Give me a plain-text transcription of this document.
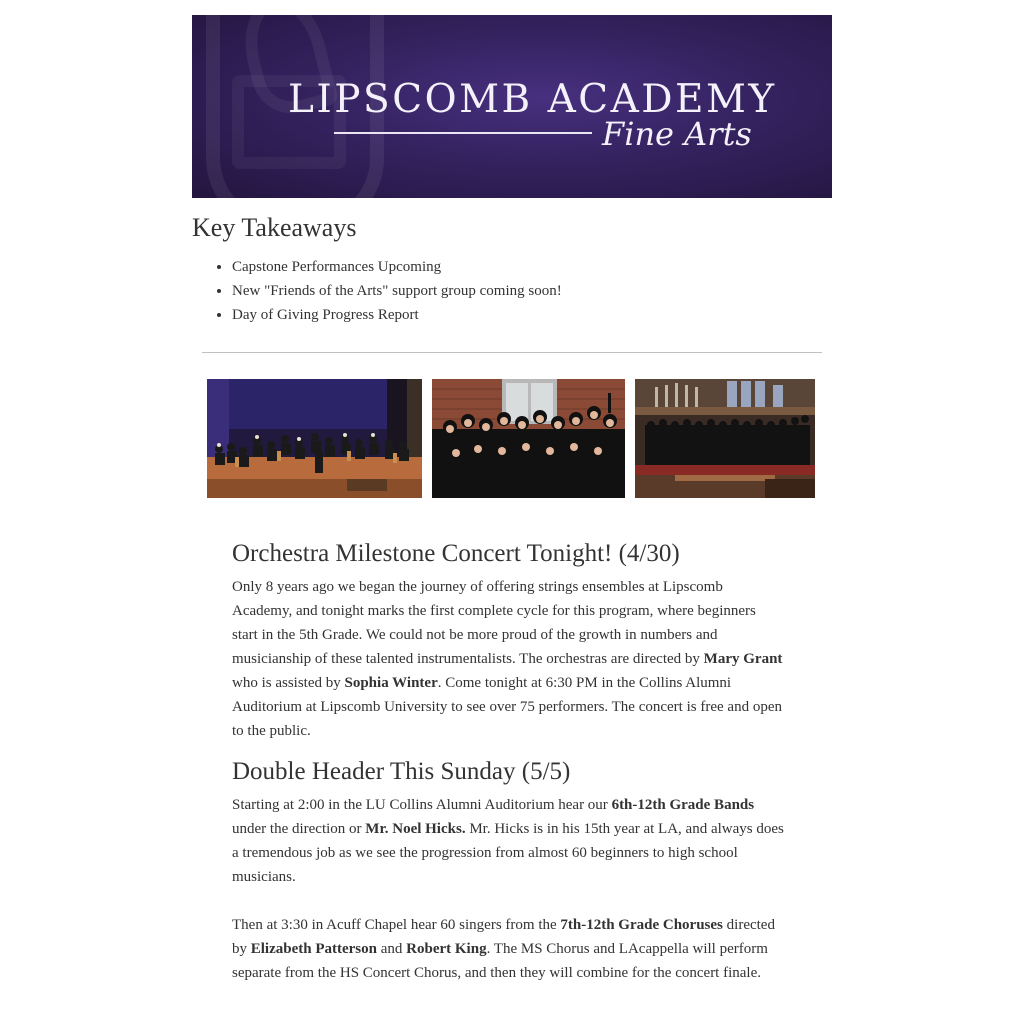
LIPSCOMB ACADEMY
Fine Arts
Key Takeaways
• Capstone Performances Upcoming
• New "Friends of the Arts" support group coming soon!
• Day of Giving Progress Report
Orchestra Milestone Concert Tonight! (4/30)

Only 8 years ago we began the journey of offering strings ensembles at Lipscomb Academy, and tonight marks the first complete cycle for this program, where beginners start in the 5th Grade. We could not be more proud of the growth in numbers and musicianship of these talented instrumentalists. The orchestras are directed by Mary Grant who is assisted by Sophia Winter. Come tonight at 6:30 PM in the Collins Alumni Auditorium at Lipscomb University to see over 75 performers. The concert is free and open to the public.

Double Header This Sunday (5/5)

Starting at 2:00 in the LU Collins Alumni Auditorium hear our 6th-12th Grade Bands under the direction or Mr. Noel Hicks. Mr. Hicks is in his 15th year at LA, and always does a tremendous job as we see the progression from almost 60 beginners to high school musicians.

Then at 3:30 in Acuff Chapel hear 60 singers from the 7th-12th Grade Choruses directed by Elizabeth Patterson and Robert King. The MS Chorus and LAcappella will perform separate from the HS Concert Chorus, and then they will combine for the concert finale.
